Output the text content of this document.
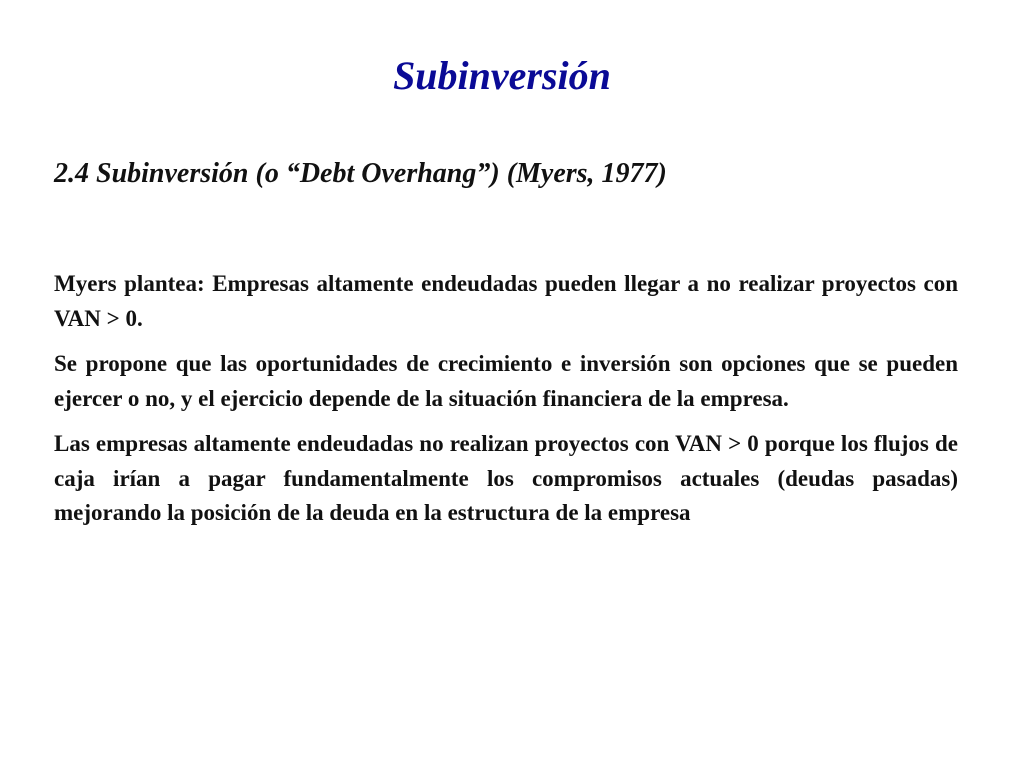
Subinversión
2.4 Subinversión (o “Debt Overhang”) (Myers, 1977)

Myers plantea: Empresas altamente endeudadas pueden llegar a no realizar proyectos con VAN > 0.

Se propone que las oportunidades de crecimiento e inversión son opciones que se pueden ejercer o no, y el ejercicio depende de la situación financiera de la empresa.

Las empresas altamente endeudadas no realizan proyectos con VAN > 0 porque los flujos de caja irían a pagar fundamentalmente los compromisos actuales (deudas pasadas) mejorando la posición de la deuda en la estructura de la empresa
